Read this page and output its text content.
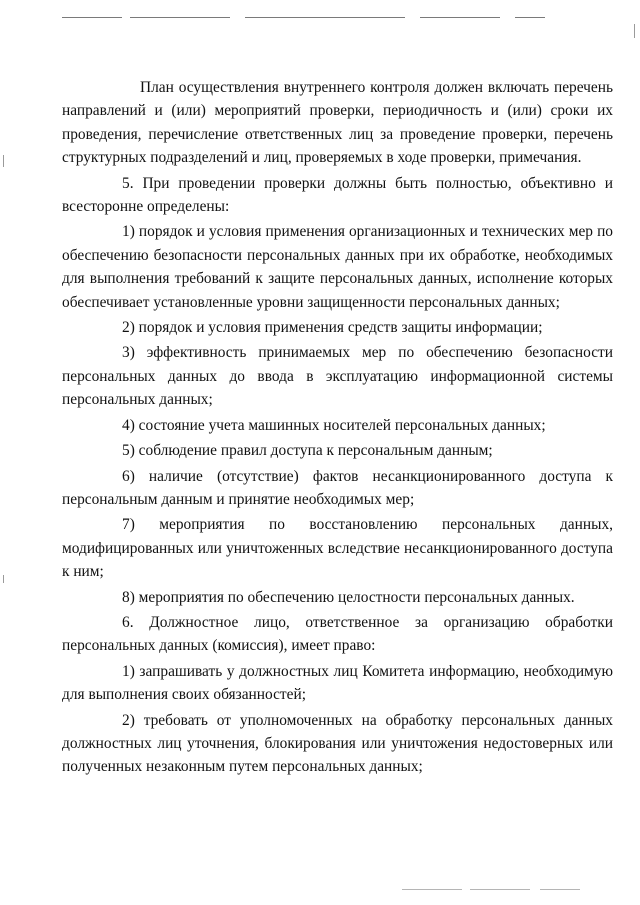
План осуществления внутреннего контроля должен включать перечень направлений и (или) мероприятий проверки, периодичность и (или) сроки их проведения, перечисление ответственных лиц за проведение проверки, перечень структурных подразделений и лиц, проверяемых в ходе проверки, примечания.

5. При проведении проверки должны быть полностью, объективно и всесторонне определены:

1) порядок и условия применения организационных и технических мер по обеспечению безопасности персональных данных при их обработке, необходимых для выполнения требований к защите персональных данных, исполнение которых обеспечивает установленные уровни защищенности персональных данных;

2) порядок и условия применения средств защиты информации;

3) эффективность принимаемых мер по обеспечению безопасности персональных данных до ввода в эксплуатацию информационной системы персональных данных;

4) состояние учета машинных носителей персональных данных;

5) соблюдение правил доступа к персональным данным;

6) наличие (отсутствие) фактов несанкционированного доступа к персональным данным и принятие необходимых мер;

7) мероприятия по восстановлению персональных данных, модифицированных или уничтоженных вследствие несанкционированного доступа к ним;

8) мероприятия по обеспечению целостности персональных данных.

6. Должностное лицо, ответственное за организацию обработки персональных данных (комиссия), имеет право:

1) запрашивать у должностных лиц Комитета информацию, необходимую для выполнения своих обязанностей;

2) требовать от уполномоченных на обработку персональных данных должностных лиц уточнения, блокирования или уничтожения недостоверных или полученных незаконным путем персональных данных;
